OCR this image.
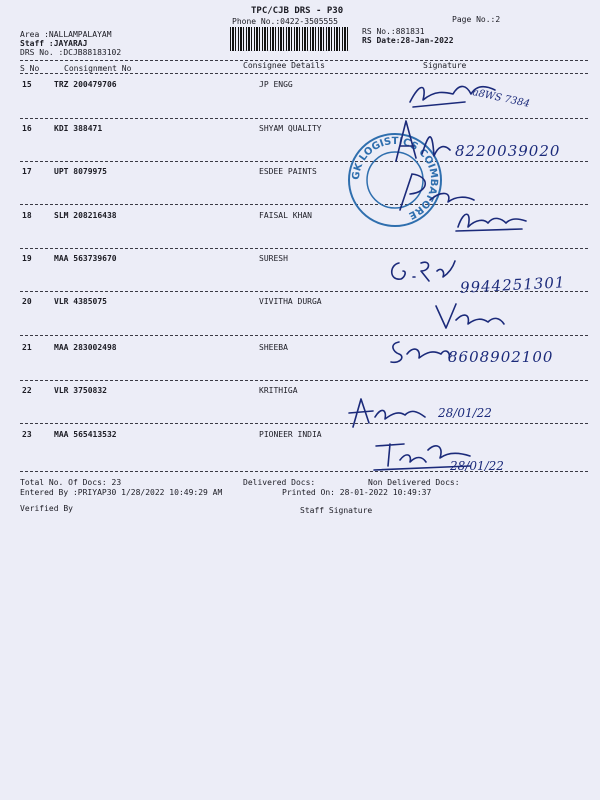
TPC/CJB DRS - P30
Phone No.:0422-3505555	Page No.:2
Area :NALLAMPALAYAM
Staff :JAYARAJ
DRS No. :DCJB88183102
RS No.:881831
RS Date:28-Jan-2022
S No	Consignment No	Consignee Details	Signature
15	TRZ 200479706	JP ENGG
16	KDI 388471	SHYAM QUALITY
17	UPT 8079975	ESDEE PAINTS
18	SLM 208216438	FAISAL KHAN
19	MAA 563739670	SURESH
20	VLR 4385075	VIVITHA DURGA
21	MAA 283002498	SHEEBA
22	VLR 3750832	KRITHIGA
23	MAA 565413532	PIONEER INDIA
GK LOGISTICS COIMBATORE
a8WS 7384
8220039020
9944251301
8608902100
28/01/22
28/01/22
Total No. Of Docs: 23	Delivered Docs:	Non Delivered Docs:
Entered By :PRIYAP30 1/28/2022 10:49:29 AM	Printed On: 28-01-2022 10:49:37
Verified By	Staff Signature
